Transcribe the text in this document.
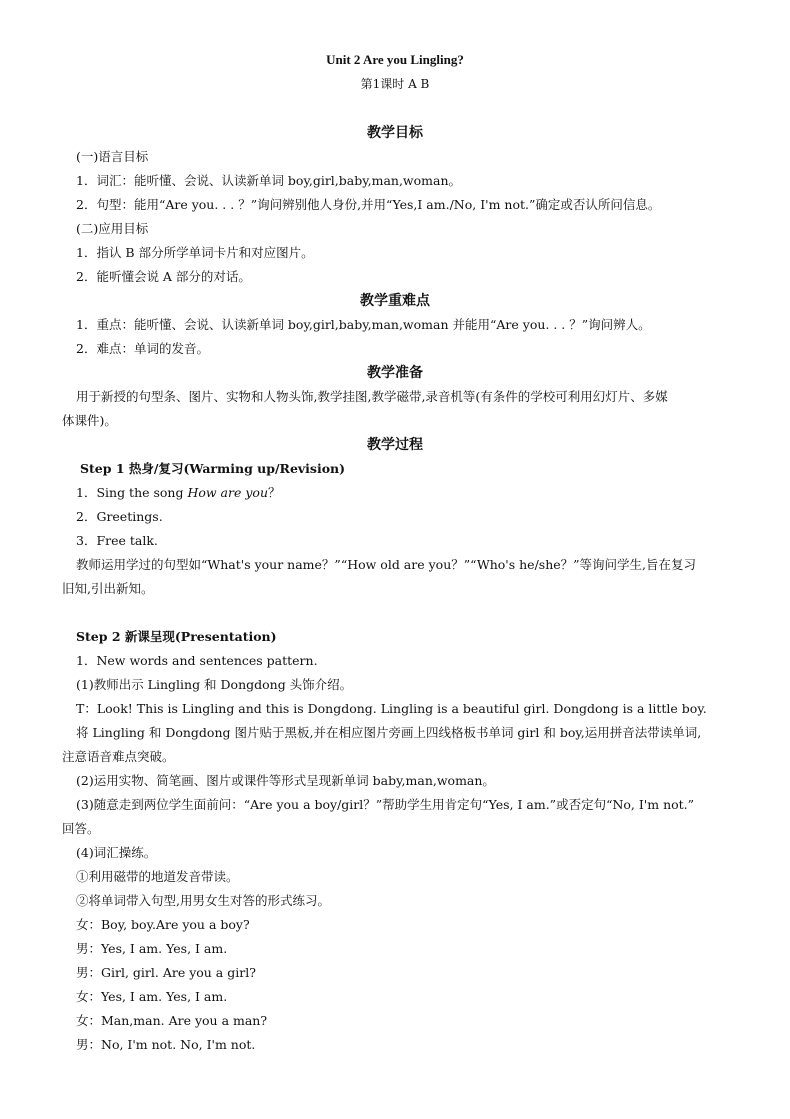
Unit 2 Are you Lingling?
第1课时 A B
教学目标
(一)语言目标
1．词汇：能听懂、会说、认读新单词 boy,girl,baby,man,woman。
2．句型：能用“Are you. . . ？”询问辨别他人身份,并用“Yes,I am./No, I'm not.”确定或否认所问信息。
(二)应用目标
1．指认 B 部分所学单词卡片和对应图片。
2．能听懂会说 A 部分的对话。
教学重难点
1．重点：能听懂、会说、认读新单词 boy,girl,baby,man,woman 并能用“Are you. . . ？”询问辨人。
2．难点：单词的发音。
教学准备
用于新授的句型条、图片、实物和人物头饰,教学挂图,教学磁带,录音机等(有条件的学校可利用幻灯片、多媒
体课件)。
教学过程
Step 1 热身/复习(Warming up/Revision)
1．Sing the song How are you？
2．Greetings.
3．Free talk.
教师运用学过的句型如“What's your name？”“How old are you？”“Who's he/she？”等询问学生,旨在复习
旧知,引出新知。
Step 2 新课呈现(Presentation)
1．New words and sentences pattern.
(1)教师出示 Lingling 和 Dongdong 头饰介绍。
T：Look! This is Lingling and this is Dongdong. Lingling is a beautiful girl. Dongdong is a little boy.
将 Lingling 和 Dongdong 图片贴于黑板,并在相应图片旁画上四线格板书单词 girl 和 boy,运用拼音法带读单词,
注意语音难点突破。
(2)运用实物、简笔画、图片或课件等形式呈现新单词 baby,man,woman。
(3)随意走到两位学生面前问：“Are you a boy/girl？”帮助学生用肯定句“Yes, I am.”或否定句“No, I'm not.”
回答。
(4)词汇操练。
①利用磁带的地道发音带读。
②将单词带入句型,用男女生对答的形式练习。
女：Boy, boy.Are you a boy?
男：Yes, I am. Yes, I am.
男：Girl, girl. Are you a girl?
女：Yes, I am. Yes, I am.
女：Man,man. Are you a man?
男：No, I'm not. No, I'm not.
